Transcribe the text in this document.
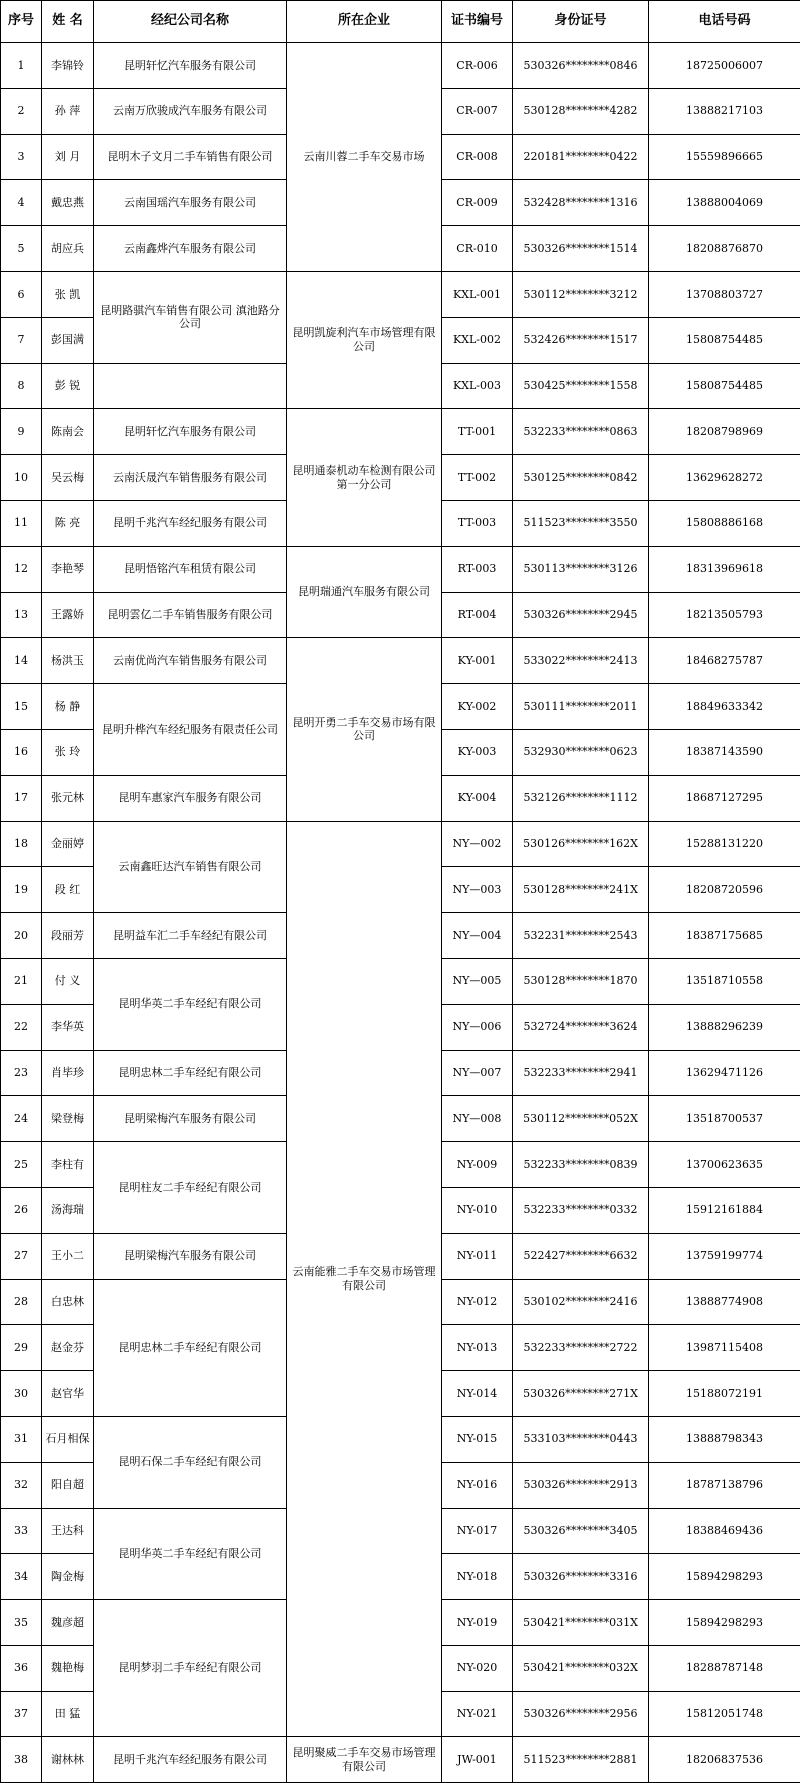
序号	姓 名	经纪公司名称	所在企业	证书编号	身份证号	电话号码
1	李锦铃	昆明轩忆汽车服务有限公司	云南川蓉二手车交易市场	CR-006	530326********0846	18725006007
2	孙 萍	云南万欣骏成汽车服务有限公司		CR-007	530128********4282	13888217103
3	刘 月	昆明木子文月二手车销售有限公司		CR-008	220181********0422	15559896665
4	戴忠燕	云南国瑶汽车服务有限公司		CR-009	532428********1316	13888004069
5	胡应兵	云南鑫烨汽车服务有限公司		CR-010	530326********1514	18208876870
6	张 凯	昆明路骐汽车销售有限公司 滇池路分公司	昆明凯旋利汽车市场管理有限公司	KXL-001	530112********3212	13708803727
7	彭国满			KXL-002	532426********1517	15808754485
8	彭 锐			KXL-003	530425********1558	15808754485
9	陈南会	昆明轩忆汽车服务有限公司	昆明通泰机动车检测有限公司 第一分公司	TT-001	532233********0863	18208798969
10	吴云梅	云南沃晟汽车销售服务有限公司		TT-002	530125********0842	13629628272
11	陈 亮	昆明千兆汽车经纪服务有限公司		TT-003	511523********3550	15808886168
12	李艳琴	昆明悟铭汽车租赁有限公司	昆明瑞通汽车服务有限公司	RT-003	530113********3126	18313969618
13	王露娇	昆明雲亿二手车销售服务有限公司		RT-004	530326********2945	18213505793
14	杨洪玉	云南优尚汽车销售服务有限公司	昆明开勇二手车交易市场有限公司	KY-001	533022********2413	18468275787
15	杨 静	昆明升桦汽车经纪服务有限责任公司		KY-002	530111********2011	18849633342
16	张 玲			KY-003	532930********0623	18387143590
17	张元林	昆明车惠家汽车服务有限公司		KY-004	532126********1112	18687127295
18	金丽婷	云南鑫旺达汽车销售有限公司	云南能雅二手车交易市场管理有限公司	NY—002	530126********162X	15288131220
19	段 红			NY—003	530128********241X	18208720596
20	段丽芳	昆明益车汇二手车经纪有限公司		NY—004	532231********2543	18387175685
21	付 义	昆明华英二手车经纪有限公司		NY—005	530128********1870	13518710558
22	李华英			NY—006	532724********3624	13888296239
23	肖毕珍	昆明忠林二手车经纪有限公司		NY—007	532233********2941	13629471126
24	梁登梅	昆明梁梅汽车服务有限公司		NY—008	530112********052X	13518700537
25	李柱有	昆明柱友二手车经纪有限公司		NY-009	532233********0839	13700623635
26	汤海瑞			NY-010	532233********0332	15912161884
27	王小二	昆明梁梅汽车服务有限公司		NY-011	522427********6632	13759199774
28	白忠林	昆明忠林二手车经纪有限公司		NY-012	530102********2416	13888774908
29	赵金芬			NY-013	532233********2722	13987115408
30	赵官华			NY-014	530326********271X	15188072191
31	石月相保	昆明石保二手车经纪有限公司		NY-015	533103********0443	13888798343
32	阳自超			NY-016	530326********2913	18787138796
33	王达科	昆明华英二手车经纪有限公司		NY-017	530326********3405	18388469436
34	陶金梅			NY-018	530326********3316	15894298293
35	魏彦超	昆明梦羽二手车经纪有限公司		NY-019	530421********031X	15894298293
36	魏艳梅			NY-020	530421********032X	18288787148
37	田 猛			NY-021	530326********2956	15812051748
38	谢林林	昆明千兆汽车经纪服务有限公司	昆明聚威二手车交易市场管理有限公司	JW-001	511523********2881	18206837536
